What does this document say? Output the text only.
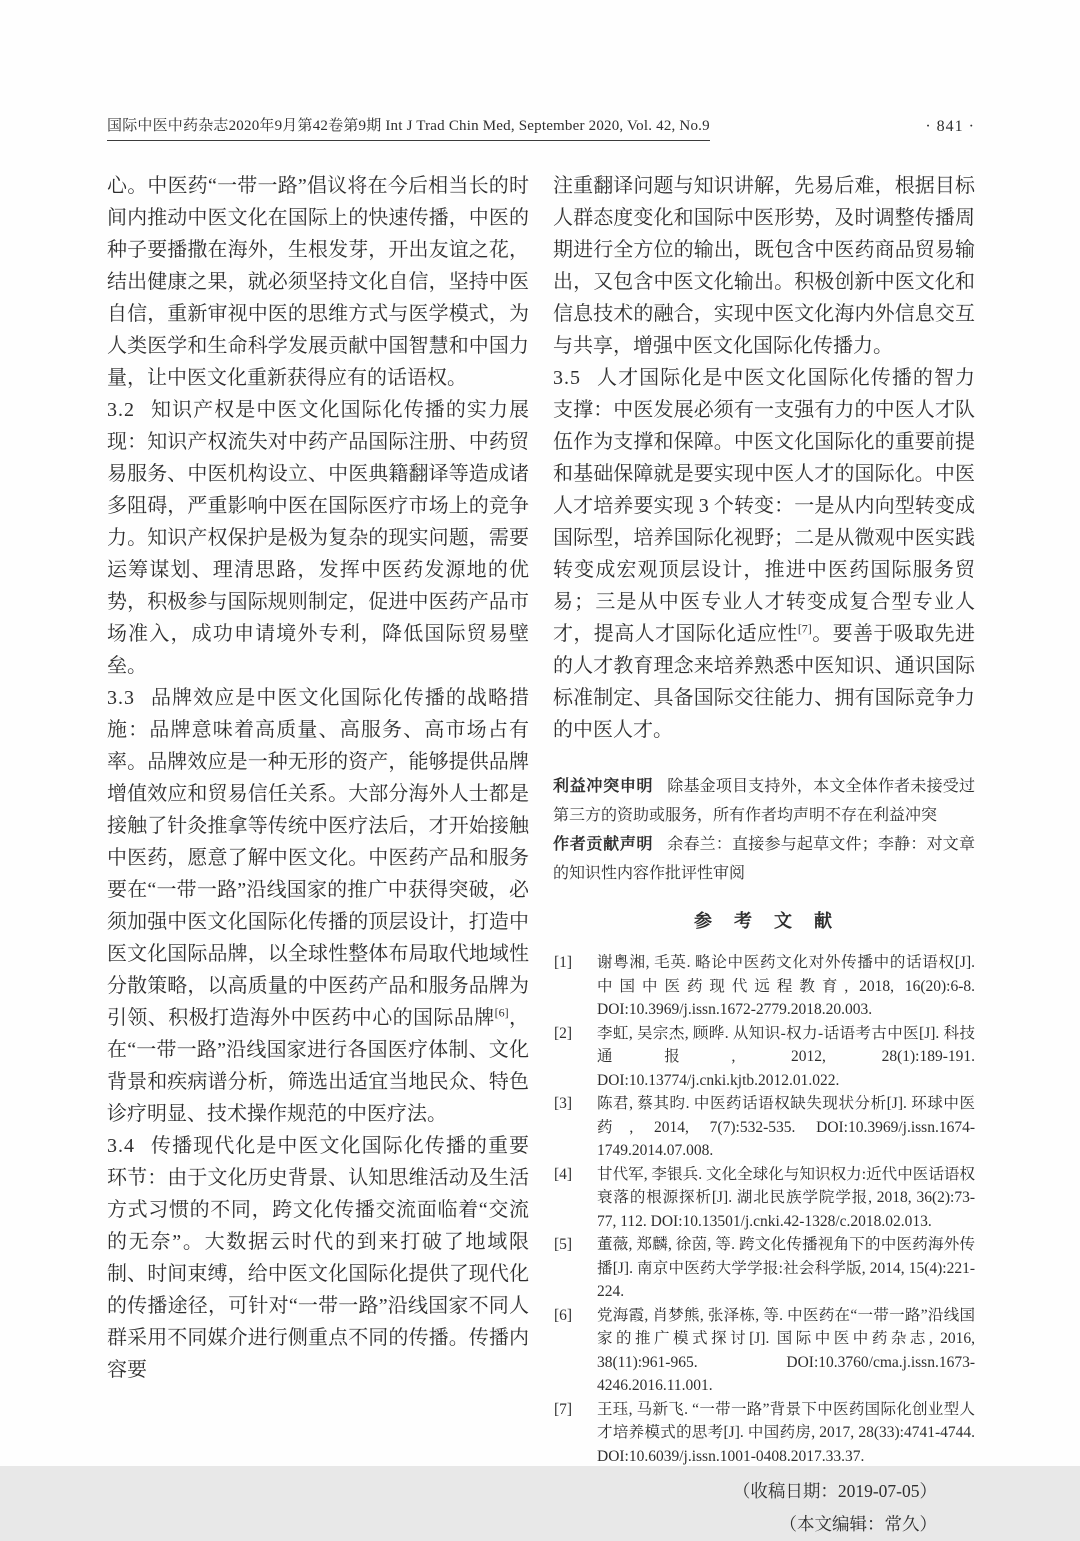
国际中医中药杂志2020年9月第42卷第9期 Int J Trad Chin Med, September 2020, Vol. 42, No.9	· 841 ·

心。中医药“一带一路”倡议将在今后相当长的时间内推动中医文化在国际上的快速传播，中医的种子要播撒在海外，生根发芽，开出友谊之花，结出健康之果，就必须坚持文化自信，坚持中医自信，重新审视中医的思维方式与医学模式，为人类医学和生命科学发展贡献中国智慧和中国力量，让中医文化重新获得应有的话语权。

3.2 知识产权是中医文化国际化传播的实力展现：知识产权流失对中药产品国际注册、中药贸易服务、中医机构设立、中医典籍翻译等造成诸多阻碍，严重影响中医在国际医疗市场上的竞争力。知识产权保护是极为复杂的现实问题，需要运筹谋划、理清思路，发挥中医药发源地的优势，积极参与国际规则制定，促进中医药产品市场准入，成功申请境外专利，降低国际贸易壁垒。

3.3 品牌效应是中医文化国际化传播的战略措施：品牌意味着高质量、高服务、高市场占有率。品牌效应是一种无形的资产，能够提供品牌增值效应和贸易信任关系。大部分海外人士都是接触了针灸推拿等传统中医疗法后，才开始接触中医药，愿意了解中医文化。中医药产品和服务要在“一带一路”沿线国家的推广中获得突破，必须加强中医文化国际化传播的顶层设计，打造中医文化国际品牌，以全球性整体布局取代地域性分散策略，以高质量的中医药产品和服务品牌为引领、积极打造海外中医药中心的国际品牌[6]，在“一带一路”沿线国家进行各国医疗体制、文化背景和疾病谱分析，筛选出适宜当地民众、特色诊疗明显、技术操作规范的中医疗法。

3.4 传播现代化是中医文化国际化传播的重要环节：由于文化历史背景、认知思维活动及生活方式习惯的不同，跨文化传播交流面临着“交流的无奈”。大数据云时代的到来打破了地域限制、时间束缚，给中医文化国际化提供了现代化的传播途径，可针对“一带一路”沿线国家不同人群采用不同媒介进行侧重点不同的传播。传播内容要

注重翻译问题与知识讲解，先易后难，根据目标人群态度变化和国际中医形势，及时调整传播周期进行全方位的输出，既包含中医药商品贸易输出，又包含中医文化输出。积极创新中医文化和信息技术的融合，实现中医文化海内外信息交互与共享，增强中医文化国际化传播力。

3.5 人才国际化是中医文化国际化传播的智力支撑：中医发展必须有一支强有力的中医人才队伍作为支撑和保障。中医文化国际化的重要前提和基础保障就是要实现中医人才的国际化。中医人才培养要实现 3 个转变：一是从内向型转变成国际型，培养国际化视野；二是从微观中医实践转变成宏观顶层设计，推进中医药国际服务贸易；三是从中医专业人才转变成复合型专业人才，提高人才国际化适应性[7]。要善于吸取先进的人才教育理念来培养熟悉中医知识、通识国际标准制定、具备国际交往能力、拥有国际竞争力的中医人才。

利益冲突申明 除基金项目支持外，本文全体作者未接受过第三方的资助或服务，所有作者均声明不存在利益冲突

作者贡献声明 余春兰：直接参与起草文件；李静：对文章的知识性内容作批评性审阅

参　考　文　献

[1] 谢粤湘, 毛英. 略论中医药文化对外传播中的话语权[J]. 中国中医药现代远程教育, 2018, 16(20):6-8. DOI:10.3969/j.issn.1672-2779.2018.20.003.

[2] 李虹, 吴宗杰, 顾晔. 从知识-权力-话语考古中医[J]. 科技通报, 2012, 28(1):189-191. DOI:10.13774/j.cnki.kjtb.2012.01.022.

[3] 陈君, 蔡其昀. 中医药话语权缺失现状分析[J]. 环球中医药, 2014, 7(7):532-535. DOI:10.3969/j.issn.1674-1749.2014.07.008.

[4] 甘代军, 李银兵. 文化全球化与知识权力:近代中医话语权衰落的根源探析[J]. 湖北民族学院学报, 2018, 36(2):73-77, 112. DOI:10.13501/j.cnki.42-1328/c.2018.02.013.

[5] 董薇, 郑麟, 徐茵, 等. 跨文化传播视角下的中医药海外传播[J]. 南京中医药大学学报:社会科学版, 2014, 15(4):221-224.

[6] 党海霞, 肖梦熊, 张泽栋, 等. 中医药在“一带一路”沿线国家的推广模式探讨[J]. 国际中医中药杂志, 2016, 38(11):961-965. DOI:10.3760/cma.j.issn.1673-4246.2016.11.001.

[7] 王珏, 马新飞. “一带一路”背景下中医药国际化创业型人才培养模式的思考[J]. 中国药房, 2017, 28(33):4741-4744. DOI:10.6039/j.issn.1001-0408.2017.33.37.

（收稿日期：2019-07-05）

（本文编辑：常久）
